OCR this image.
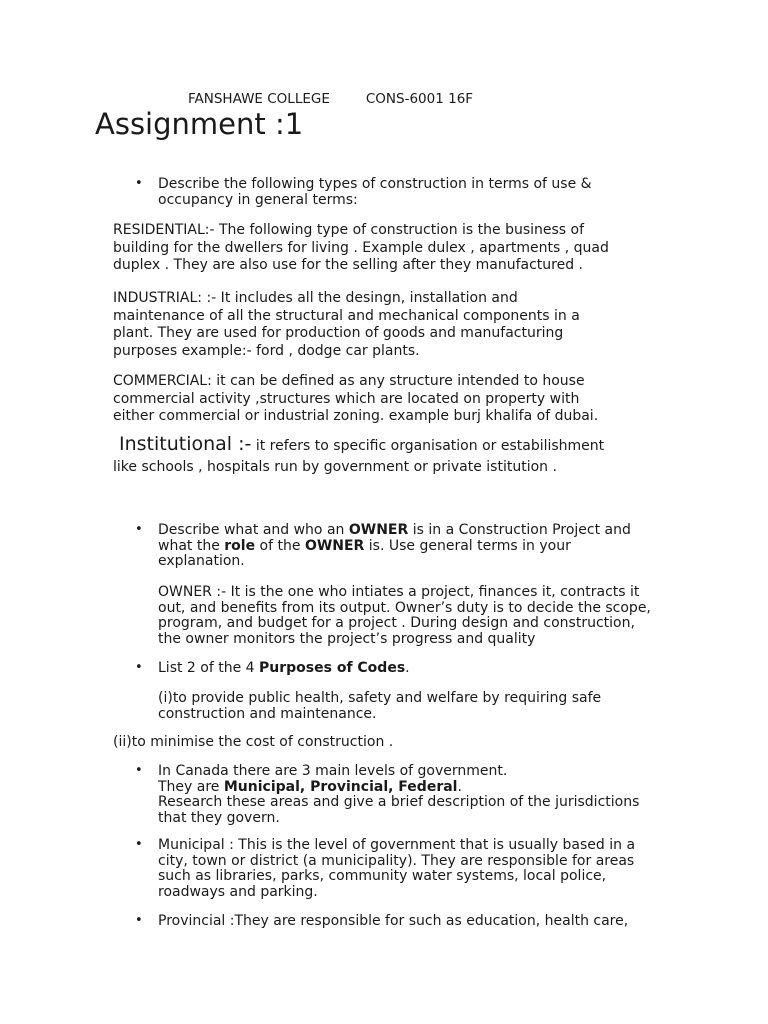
FANSHAWE COLLEGE	CONS-6001 16F
Assignment :1
• Describe the following types of construction in terms of use &
occupancy in general terms:
RESIDENTIAL:- The following type of construction is the business of
building for the dwellers for living . Example dulex , apartments , quad
duplex . They are also use for the selling after they manufactured .
INDUSTRIAL: :- It includes all the desingn, installation and
maintenance of all the structural and mechanical components in a
plant. They are used for production of goods and manufacturing
purposes example:- ford , dodge car plants.
COMMERCIAL: it can be defined as any structure intended to house
commercial activity ,structures which are located on property with
either commercial or industrial zoning. example burj khalifa of dubai.
Institutional :- it refers to specific organisation or estabilishment
like schools , hospitals run by government or private istitution .
• Describe what and who an OWNER is in a Construction Project and
what the role of the OWNER is. Use general terms in your
explanation.
OWNER :- It is the one who intiates a project, finances it, contracts it
out, and benefits from its output. Owner’s duty is to decide the scope,
program, and budget for a project . During design and construction,
the owner monitors the project’s progress and quality
• List 2 of the 4 Purposes of Codes.
(i)to provide public health, safety and welfare by requiring safe
construction and maintenance.
(ii)to minimise the cost of construction .
• In Canada there are 3 main levels of government.
They are Municipal, Provincial, Federal.
Research these areas and give a brief description of the jurisdictions
that they govern.
• Municipal : This is the level of government that is usually based in a
city, town or district (a municipality). They are responsible for areas
such as libraries, parks, community water systems, local police,
roadways and parking.
• Provincial :They are responsible for such as education, health care,
